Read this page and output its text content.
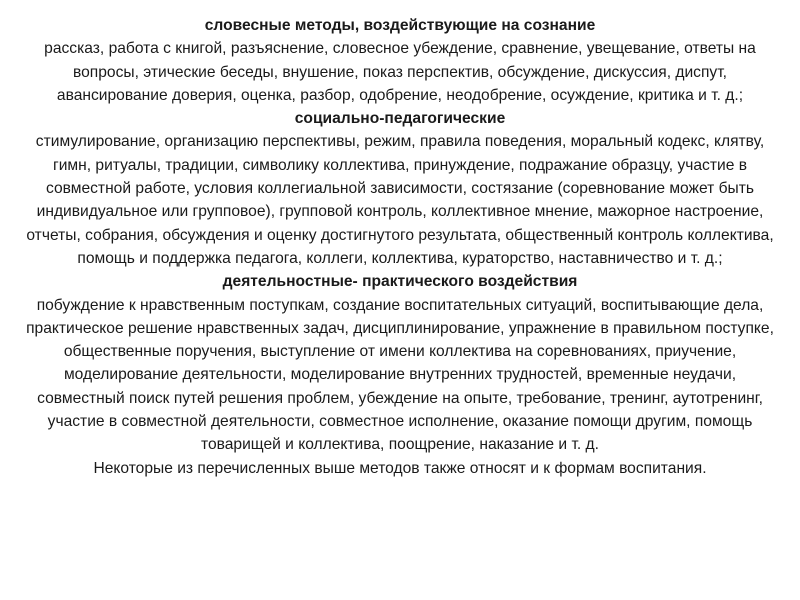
словесные методы, воздействующие на сознание

рассказ, работа с книгой, разъяснение, словесное убеждение, сравнение, увещевание, ответы на вопросы, этические беседы, внушение, показ перспектив, обсуждение, дискуссия, диспут, авансирование доверия, оценка, разбор, одобрение, неодобрение, осуждение, критика и т. д.;

социально-педагогические

стимулирование, организацию перспективы, режим, правила поведения, моральный кодекс, клятву, гимн, ритуалы, традиции, символику коллектива, принуждение, подражание образцу, участие в совместной работе, условия коллегиальной зависимости, состязание (соревнование может быть индивидуальное или групповое), групповой контроль, коллективное мнение, мажорное настроение, отчеты, собрания, обсуждения и оценку достигнутого результата, общественный контроль коллектива, помощь и поддержка педагога, коллеги, коллектива, кураторство, наставничество и т. д.;

деятельностные- практического воздействия

побуждение к нравственным поступкам, создание воспитательных ситуаций, воспитывающие дела, практическое решение нравственных задач, дисциплинирование, упражнение в правильном поступке, общественные поручения, выступление от имени коллектива на соревнованиях, приучение, моделирование деятельности, моделирование внутренних трудностей, временные неудачи, совместный поиск путей решения проблем, убеждение на опыте, требование, тренинг, аутотренинг, участие в совместной деятельности, совместное исполнение, оказание помощи другим, помощь товарищей и коллектива, поощрение, наказание и т. д.

Некоторые из перечисленных выше методов также относят и к формам воспитания.
